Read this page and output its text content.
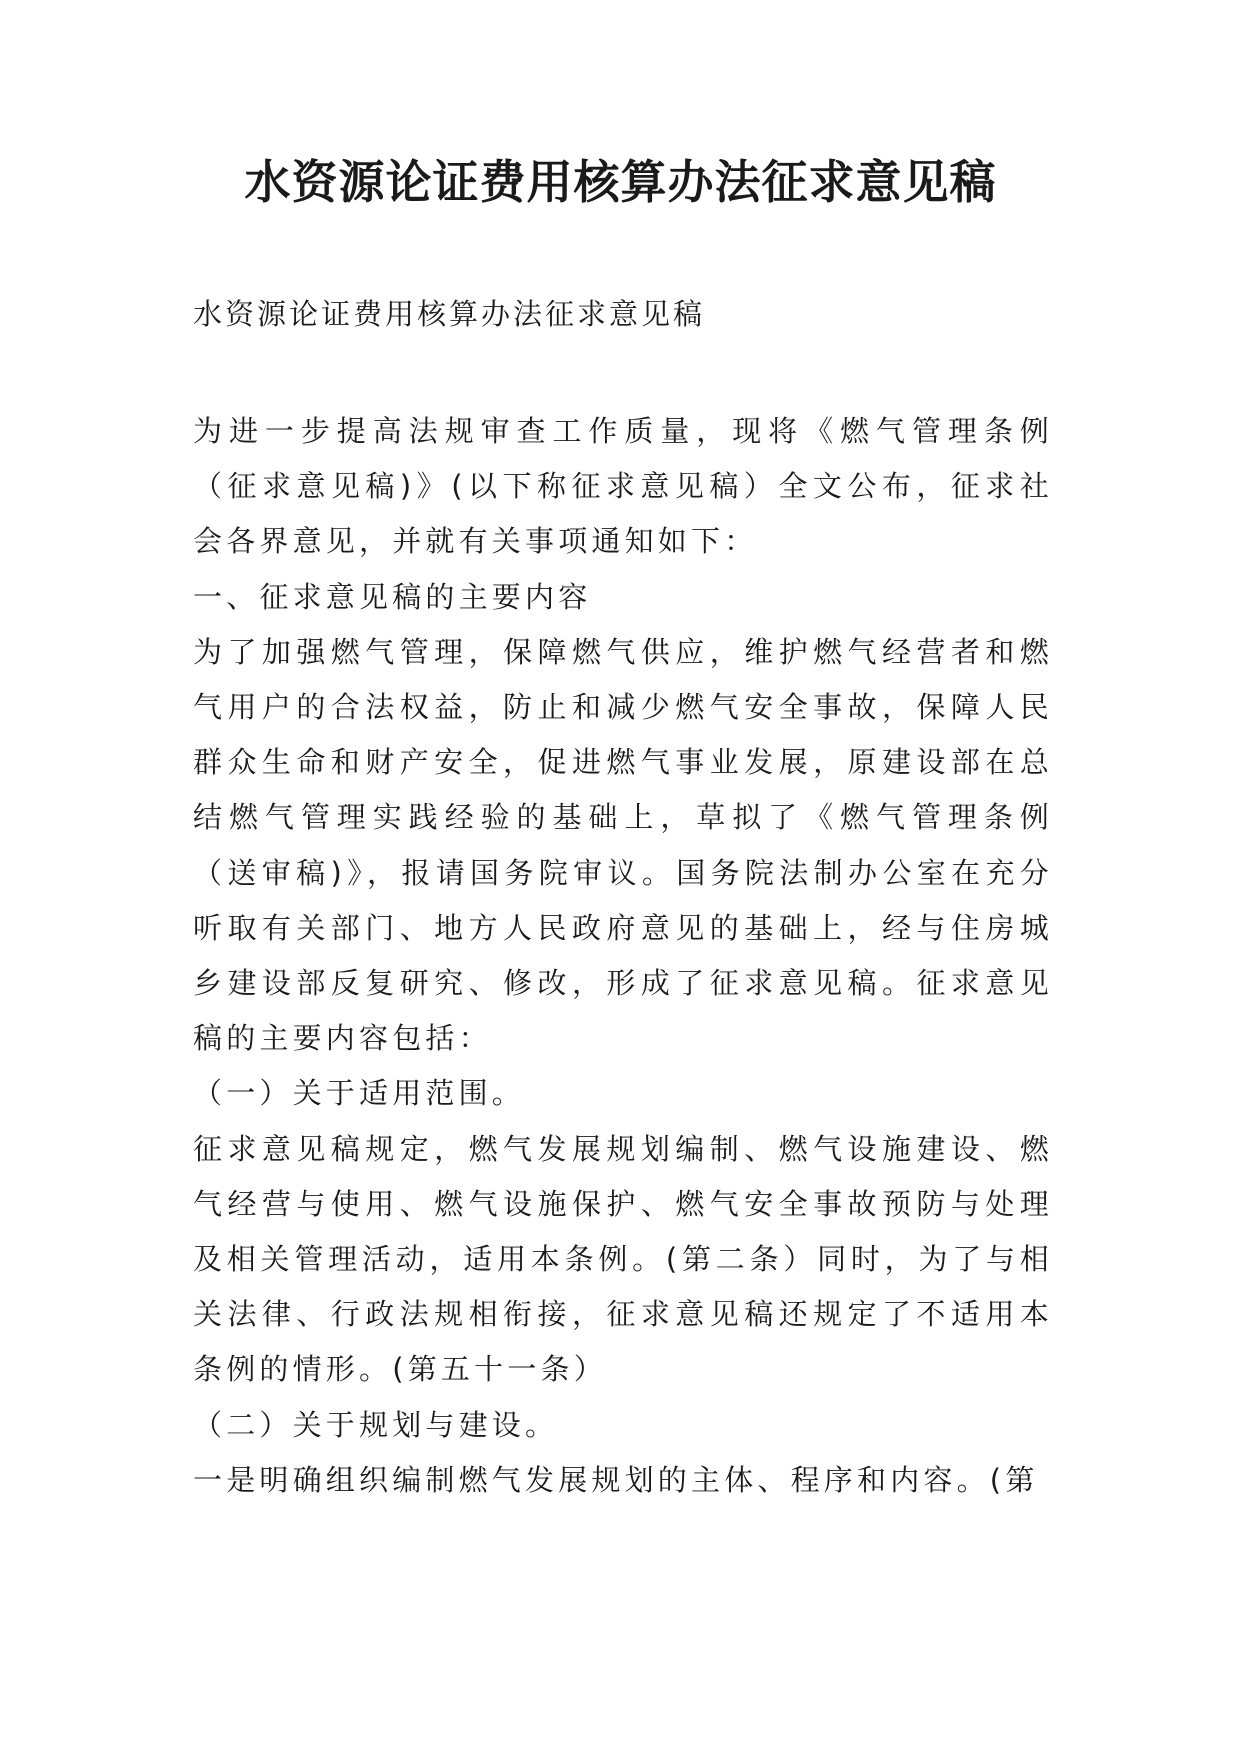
水资源论证费用核算办法征求意见稿

水资源论证费用核算办法征求意见稿

为进一步提高法规审查工作质量，现将《燃气管理条例（征求意见稿)》(以下称征求意见稿）全文公布，征求社会各界意见，并就有关事项通知如下：

一、征求意见稿的主要内容

为了加强燃气管理，保障燃气供应，维护燃气经营者和燃气用户的合法权益，防止和减少燃气安全事故，保障人民群众生命和财产安全，促进燃气事业发展，原建设部在总结燃气管理实践经验的基础上，草拟了《燃气管理条例（送审稿)》，报请国务院审议。国务院法制办公室在充分听取有关部门、地方人民政府意见的基础上，经与住房城乡建设部反复研究、修改，形成了征求意见稿。征求意见稿的主要内容包括：

（一）关于适用范围。

征求意见稿规定，燃气发展规划编制、燃气设施建设、燃气经营与使用、燃气设施保护、燃气安全事故预防与处理及相关管理活动，适用本条例。(第二条）同时，为了与相关法律、行政法规相衔接，征求意见稿还规定了不适用本条例的情形。(第五十一条）

（二）关于规划与建设。

一是明确组织编制燃气发展规划的主体、程序和内容。(第
